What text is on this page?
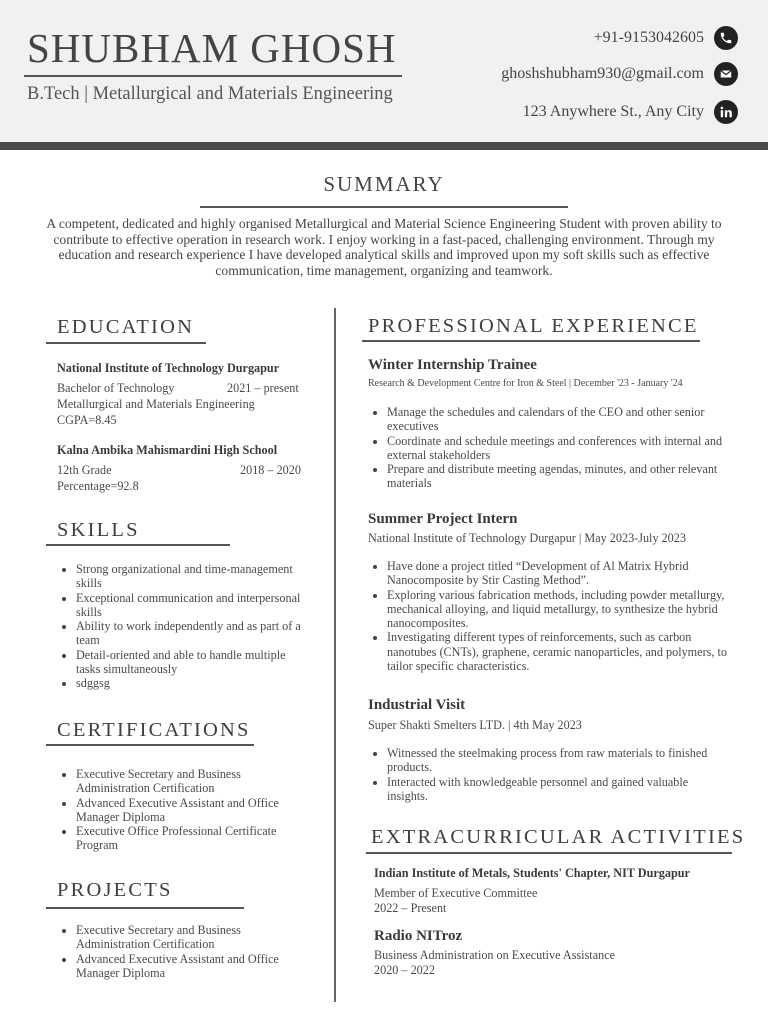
SHUBHAM GHOSH
B.Tech | Metallurgical and Materials Engineering
+91-9153042605
ghoshshubham930@gmail.com
123 Anywhere St., Any City
SUMMARY
A competent, dedicated and highly organised Metallurgical and Material Science Engineering Student with proven ability to contribute to effective operation in research work. I enjoy working in a fast-paced, challenging environment. Through my education and research experience I have developed analytical skills and improved upon my soft skills such as effective communication, time management, organizing and teamwork.
EDUCATION
National Institute of Technology Durgapur
Bachelor of Technology	2021 – present
Metallurgical and Materials Engineering
CGPA=8.45
Kalna Ambika Mahismardini High School
12th Grade	2018 – 2020
Percentage=92.8
SKILLS
Strong organizational and time-management skills
Exceptional communication and interpersonal skills
Ability to work independently and as part of a team
Detail-oriented and able to handle multiple tasks simultaneously
sdggsg
CERTIFICATIONS
Executive Secretary and Business Administration Certification
Advanced Executive Assistant and Office Manager Diploma
Executive Office Professional Certificate Program
PROJECTS
Executive Secretary and Business Administration Certification
Advanced Executive Assistant and Office Manager Diploma
PROFESSIONAL EXPERIENCE
Winter Internship Trainee
Research & Development Centre for Iron & Steel | December '23 - January '24
Manage the schedules and calendars of the CEO and other senior executives
Coordinate and schedule meetings and conferences with internal and external stakeholders
Prepare and distribute meeting agendas, minutes, and other relevant materials
Summer Project Intern
National Institute of Technology Durgapur | May 2023-July 2023
Have done a project titled “Development of Al Matrix Hybrid Nanocomposite by Stir Casting Method”.
Exploring various fabrication methods, including powder metallurgy, mechanical alloying, and liquid metallurgy, to synthesize the hybrid nanocomposites.
Investigating different types of reinforcements, such as carbon nanotubes (CNTs), graphene, ceramic nanoparticles, and polymers, to tailor specific characteristics.
Industrial Visit
Super Shakti Smelters LTD. | 4th May 2023
Witnessed the steelmaking process from raw materials to finished products.
Interacted with knowledgeable personnel and gained valuable insights.
EXTRACURRICULAR ACTIVITIES
Indian Institute of Metals, Students' Chapter, NIT Durgapur
Member of Executive Committee
2022 – Present
Radio NITroz
Business Administration on Executive Assistance
2020 – 2022
